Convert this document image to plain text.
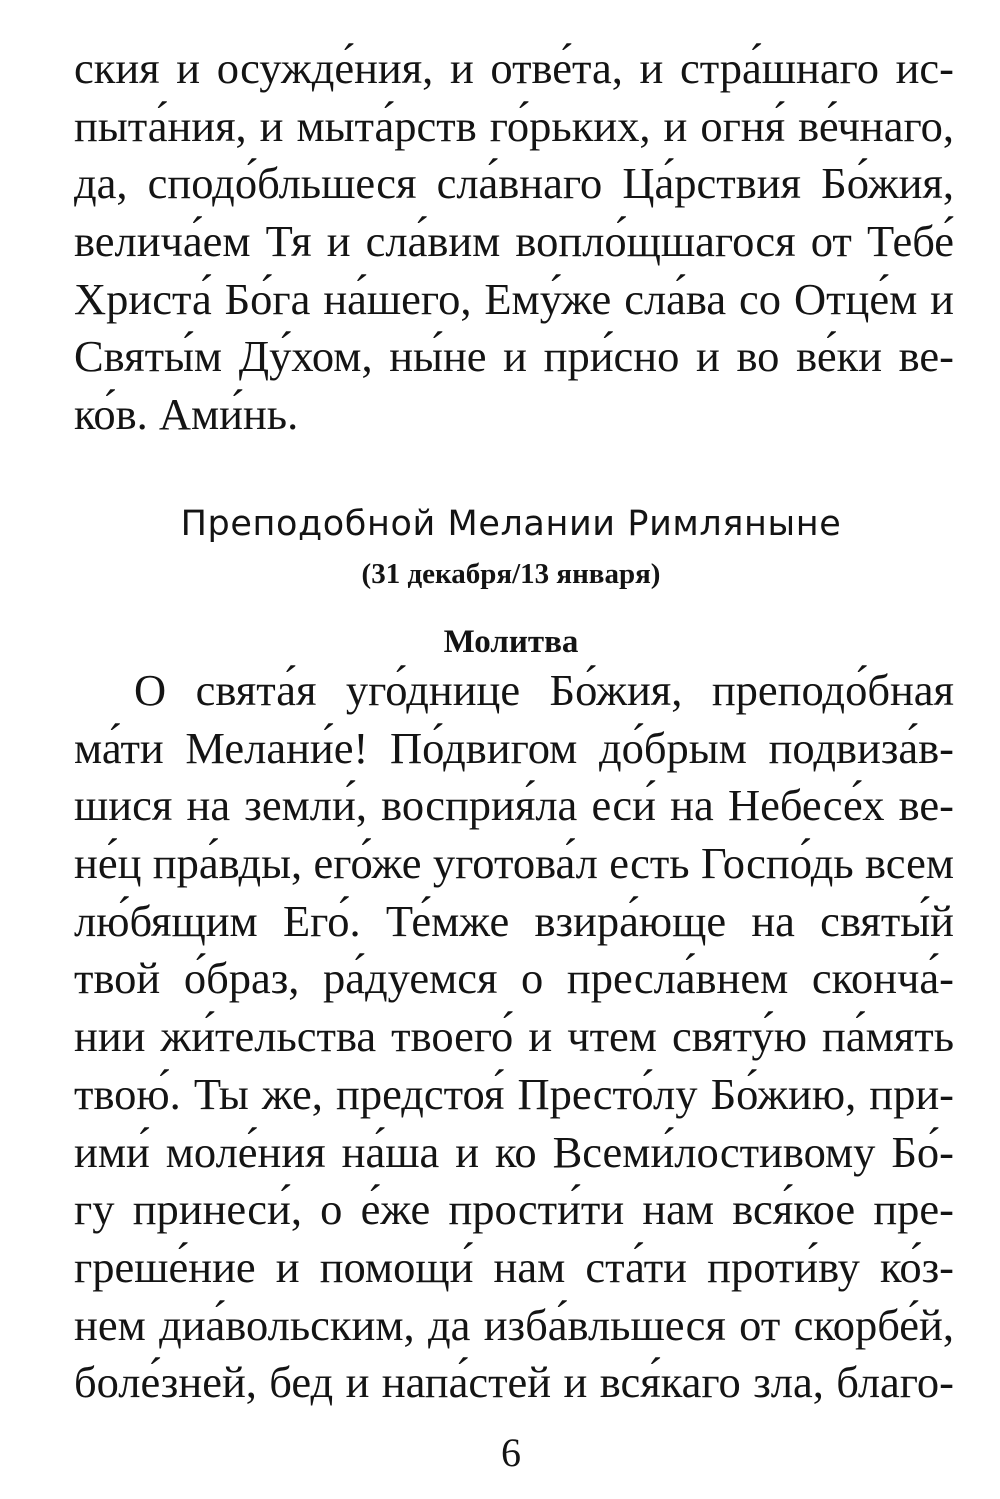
ския и осужде́ния, и отве́та, и стра́шнаго ис-
пыта́ния, и мыта́рств го́рьких, и огня́ ве́чнаго,
да, сподо́бльшеся сла́внаго Ца́рствия Бо́жия,
велича́ем Тя и сла́вим вопло́щшагося от Тебе́
Христа́ Бо́га на́шего, Ему́же сла́ва со Отце́м и
Святы́м Ду́хом, ны́не и при́сно и во ве́ки ве-
ко́в. Ами́нь.
Преподобной Мелании Римляныне
(31 декабря/13 января)
Молитва
О свята́я уго́днице Бо́жия, преподо́бная
ма́ти Мелани́е! По́двигом до́брым подвиза́в-
шися на земли́, восприя́ла еси́ на Небесе́х ве-
не́ц пра́вды, его́же уготова́л есть Госпо́дь всем
лю́бящим Его́. Те́мже взира́юще на святы́й
твой о́браз, ра́дуемся о пресла́внем сконча́-
нии жи́тельства твоего́ и чтем святу́ю па́мять
твою́. Ты же, предстоя́ Престо́лу Бо́жию, при-
ими́ моле́ния на́ша и ко Всеми́лостивому Бо́-
гу принеси́, о е́же прости́ти нам вся́кое пре-
греше́ние и помощи́ нам ста́ти проти́ву ко́з-
нем диа́вольским, да изба́вльшеся от скорбе́й,
боле́зней, бед и напа́стей и вся́каго зла, благо-
6
